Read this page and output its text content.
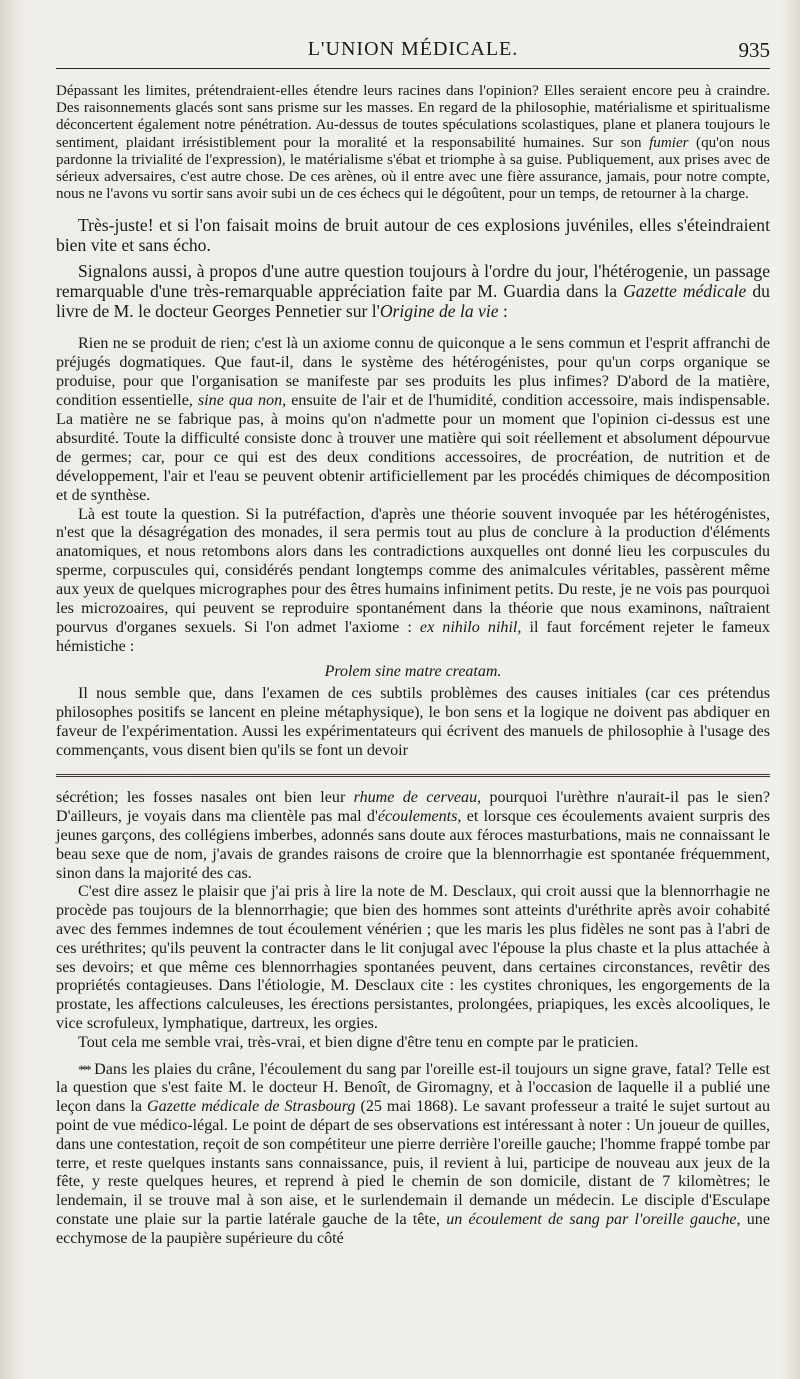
L'UNION MÉDICALE.	935

Dépassant les limites, prétendraient-elles étendre leurs racines dans l'opinion? Elles seraient encore peu à craindre. Des raisonnements glacés sont sans prisme sur les masses. En regard de la philosophie, matérialisme et spiritualisme déconcertent également notre pénétration. Au-dessus de toutes spéculations scolastiques, plane et planera toujours le sentiment, plaidant irrésistiblement pour la moralité et la responsabilité humaines. Sur son fumier (qu'on nous pardonne la trivialité de l'expression), le matérialisme s'ébat et triomphe à sa guise. Publiquement, aux prises avec de sérieux adversaires, c'est autre chose. De ces arènes, où il entre avec une fière assurance, jamais, pour notre compte, nous ne l'avons vu sortir sans avoir subi un de ces échecs qui le dégoûtent, pour un temps, de retourner à la charge.

Très-juste! et si l'on faisait moins de bruit autour de ces explosions juvéniles, elles s'éteindraient bien vite et sans écho.

Signalons aussi, à propos d'une autre question toujours à l'ordre du jour, l'hétérogenie, un passage remarquable d'une très-remarquable appréciation faite par M. Guardia dans la Gazette médicale du livre de M. le docteur Georges Pennetier sur l'Origine de la vie :

Rien ne se produit de rien; c'est là un axiome connu de quiconque a le sens commun et l'esprit affranchi de préjugés dogmatiques. Que faut-il, dans le système des hétérogénistes, pour qu'un corps organique se produise, pour que l'organisation se manifeste par ses produits les plus infimes? D'abord de la matière, condition essentielle, sine qua non, ensuite de l'air et de l'humidité, condition accessoire, mais indispensable. La matière ne se fabrique pas, à moins qu'on n'admette pour un moment que l'opinion ci-dessus est une absurdité. Toute la difficulté consiste donc à trouver une matière qui soit réellement et absolument dépourvue de germes; car, pour ce qui est des deux conditions accessoires, de procréation, de nutrition et de développement, l'air et l'eau se peuvent obtenir artificiellement par les procédés chimiques de décomposition et de synthèse.

Là est toute la question. Si la putréfaction, d'après une théorie souvent invoquée par les hétérogénistes, n'est que la désagrégation des monades, il sera permis tout au plus de conclure à la production d'éléments anatomiques, et nous retombons alors dans les contradictions auxquelles ont donné lieu les corpuscules du sperme, corpuscules qui, considérés pendant longtemps comme des animalcules véritables, passèrent même aux yeux de quelques micrographes pour des êtres humains infiniment petits. Du reste, je ne vois pas pourquoi les microzoaires, qui peuvent se reproduire spontanément dans la théorie que nous examinons, naîtraient pourvus d'organes sexuels. Si l'on admet l'axiome : ex nihilo nihil, il faut forcément rejeter le fameux hémistiche :

Prolem sine matre creatam.

Il nous semble que, dans l'examen de ces subtils problèmes des causes initiales (car ces prétendus philosophes positifs se lancent en pleine métaphysique), le bon sens et la logique ne doivent pas abdiquer en faveur de l'expérimentation. Aussi les expérimentateurs qui écrivent des manuels de philosophie à l'usage des commençants, vous disent bien qu'ils se font un devoir

sécrétion; les fosses nasales ont bien leur rhume de cerveau, pourquoi l'urèthre n'aurait-il pas le sien? D'ailleurs, je voyais dans ma clientèle pas mal d'écoulements, et lorsque ces écoulements avaient surpris des jeunes garçons, des collégiens imberbes, adonnés sans doute aux féroces masturbations, mais ne connaissant le beau sexe que de nom, j'avais de grandes raisons de croire que la blennorrhagie est spontanée fréquemment, sinon dans la majorité des cas.

C'est dire assez le plaisir que j'ai pris à lire la note de M. Desclaux, qui croit aussi que la blennorrhagie ne procède pas toujours de la blennorrhagie; que bien des hommes sont atteints d'uréthrite après avoir cohabité avec des femmes indemnes de tout écoulement vénérien ; que les maris les plus fidèles ne sont pas à l'abri de ces uréthrites; qu'ils peuvent la contracter dans le lit conjugal avec l'épouse la plus chaste et la plus attachée à ses devoirs; et que même ces blennorrhagies spontanées peuvent, dans certaines circonstances, revêtir des propriétés contagieuses. Dans l'étiologie, M. Desclaux cite : les cystites chroniques, les engorgements de la prostate, les affections calculeuses, les érections persistantes, prolongées, priapiques, les excès alcooliques, le vice scrofuleux, lymphatique, dartreux, les orgies.

Tout cela me semble vrai, très-vrai, et bien digne d'être tenu en compte par le praticien.

* * * Dans les plaies du crâne, l'écoulement du sang par l'oreille est-il toujours un signe grave, fatal? Telle est la question que s'est faite M. le docteur H. Benoît, de Giromagny, et à l'occasion de laquelle il a publié une leçon dans la Gazette médicale de Strasbourg (25 mai 1868). Le savant professeur a traité le sujet surtout au point de vue médico-légal. Le point de départ de ses observations est intéressant à noter : Un joueur de quilles, dans une contestation, reçoit de son compétiteur une pierre derrière l'oreille gauche; l'homme frappé tombe par terre, et reste quelques instants sans connaissance, puis, il revient à lui, participe de nouveau aux jeux de la fête, y reste quelques heures, et reprend à pied le chemin de son domicile, distant de 7 kilomètres; le lendemain, il se trouve mal à son aise, et le surlendemain il demande un médecin. Le disciple d'Esculape constate une plaie sur la partie latérale gauche de la tête, un écoulement de sang par l'oreille gauche, une ecchymose de la paupière supérieure du côté
